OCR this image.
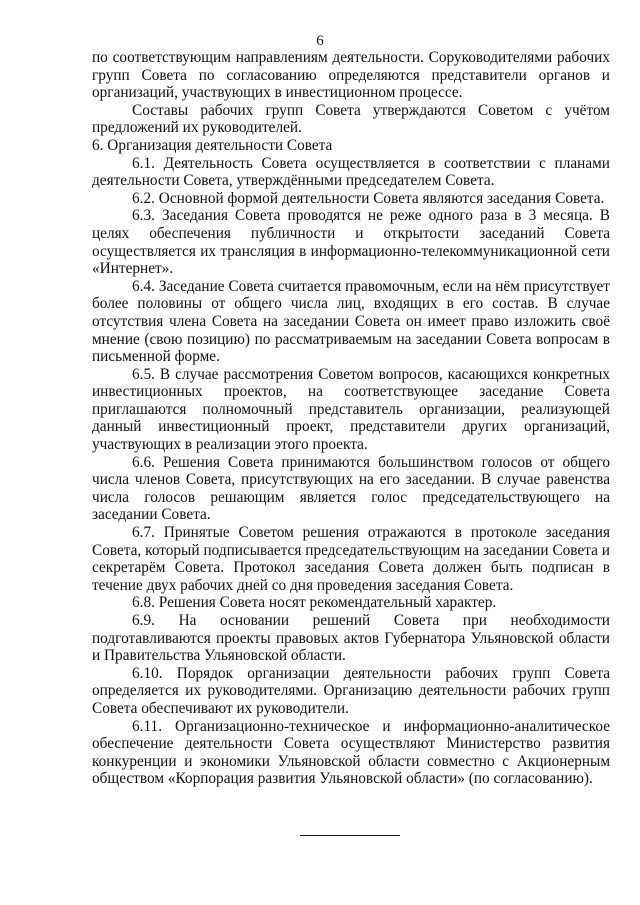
6

по соответствующим направлениям деятельности. Соруководителями рабочих групп Совета по согласованию определяются представители органов и организаций, участвующих в инвестиционном процессе.

Составы рабочих групп Совета утверждаются Советом с учётом предложений их руководителей.

6. Организация деятельности Совета

6.1. Деятельность Совета осуществляется в соответствии с планами деятельности Совета, утверждёнными председателем Совета.

6.2. Основной формой деятельности Совета являются заседания Совета.

6.3. Заседания Совета проводятся не реже одного раза в 3 месяца. В целях обеспечения публичности и открытости заседаний Совета осуществляется их трансляция в информационно-телекоммуникационной сети «Интернет».

6.4. Заседание Совета считается правомочным, если на нём присутствует более половины от общего числа лиц, входящих в его состав. В случае отсутствия члена Совета на заседании Совета он имеет право изложить своё мнение (свою позицию) по рассматриваемым на заседании Совета вопросам в письменной форме.

6.5. В случае рассмотрения Советом вопросов, касающихся конкретных инвестиционных проектов, на соответствующее заседание Совета приглашаются полномочный представитель организации, реализующей данный инвестиционный проект, представители других организаций, участвующих в реализации этого проекта.

6.6. Решения Совета принимаются большинством голосов от общего числа членов Совета, присутствующих на его заседании. В случае равенства числа голосов решающим является голос председательствующего на заседании Совета.

6.7. Принятые Советом решения отражаются в протоколе заседания Совета, который подписывается председательствующим на заседании Совета и секретарём Совета. Протокол заседания Совета должен быть подписан в течение двух рабочих дней со дня проведения заседания Совета.

6.8. Решения Совета носят рекомендательный характер.

6.9. На основании решений Совета при необходимости подготавливаются проекты правовых актов Губернатора Ульяновской области и Правительства Ульяновской области.

6.10. Порядок организации деятельности рабочих групп Совета определяется их руководителями. Организацию деятельности рабочих групп Совета обеспечивают их руководители.

6.11. Организационно-техническое и информационно-аналитическое обеспечение деятельности Совета осуществляют Министерство развития конкуренции и экономики Ульяновской области совместно с Акционерным обществом «Корпорация развития Ульяновской области» (по согласованию).
